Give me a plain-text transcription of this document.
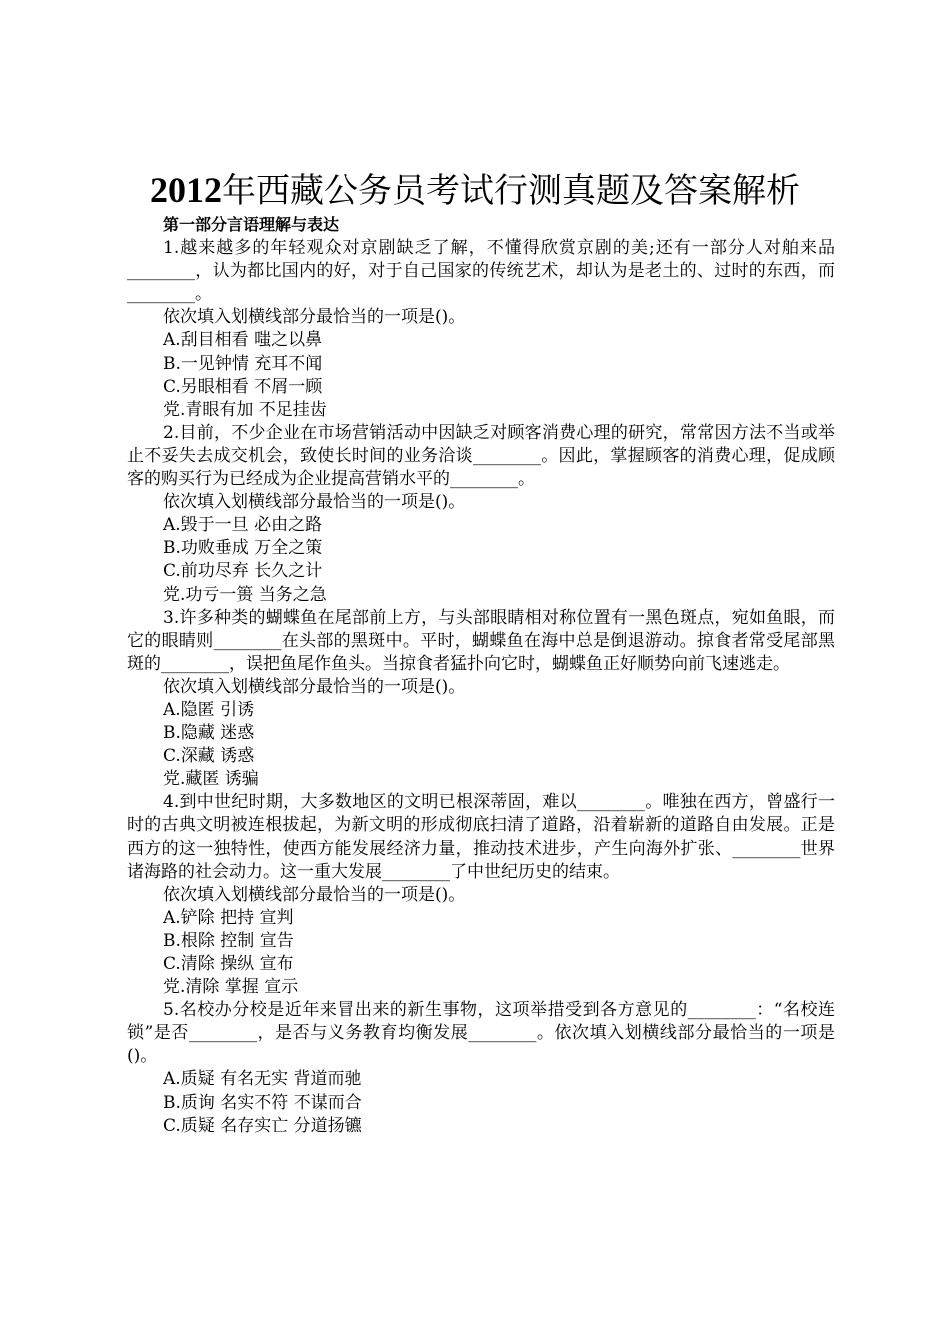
2012年西藏公务员考试行测真题及答案解析
第一部分言语理解与表达
1.越来越多的年轻观众对京剧缺乏了解，不懂得欣赏京剧的美;还有一部分人对舶来品________，认为都比国内的好，对于自己国家的传统艺术，却认为是老土的、过时的东西，而________。
依次填入划横线部分最恰当的一项是()。
A.刮目相看 嗤之以鼻
B.一见钟情 充耳不闻
C.另眼相看 不屑一顾
党.青眼有加 不足挂齿
2.目前，不少企业在市场营销活动中因缺乏对顾客消费心理的研究，常常因方法不当或举止不妥失去成交机会，致使长时间的业务洽谈________。因此，掌握顾客的消费心理，促成顾客的购买行为已经成为企业提高营销水平的________。
依次填入划横线部分最恰当的一项是()。
A.毁于一旦 必由之路
B.功败垂成 万全之策
C.前功尽弃 长久之计
党.功亏一篑 当务之急
3.许多种类的蝴蝶鱼在尾部前上方，与头部眼睛相对称位置有一黑色斑点，宛如鱼眼，而它的眼睛则________在头部的黑斑中。平时，蝴蝶鱼在海中总是倒退游动。掠食者常受尾部黑斑的________，误把鱼尾作鱼头。当掠食者猛扑向它时，蝴蝶鱼正好顺势向前飞速逃走。
依次填入划横线部分最恰当的一项是()。
A.隐匿 引诱
B.隐藏 迷惑
C.深藏 诱惑
党.藏匿 诱骗
4.到中世纪时期，大多数地区的文明已根深蒂固，难以________。唯独在西方，曾盛行一时的古典文明被连根拔起，为新文明的形成彻底扫清了道路，沿着崭新的道路自由发展。正是西方的这一独特性，使西方能发展经济力量，推动技术进步，产生向海外扩张、________世界诸海路的社会动力。这一重大发展________了中世纪历史的结束。
依次填入划横线部分最恰当的一项是()。
A.铲除 把持 宣判
B.根除 控制 宣告
C.清除 操纵 宣布
党.清除 掌握 宣示
5.名校办分校是近年来冒出来的新生事物，这项举措受到各方意见的________：“名校连锁”是否________，是否与义务教育均衡发展________。依次填入划横线部分最恰当的一项是()。
A.质疑 有名无实 背道而驰
B.质询 名实不符 不谋而合
C.质疑 名存实亡 分道扬镳
